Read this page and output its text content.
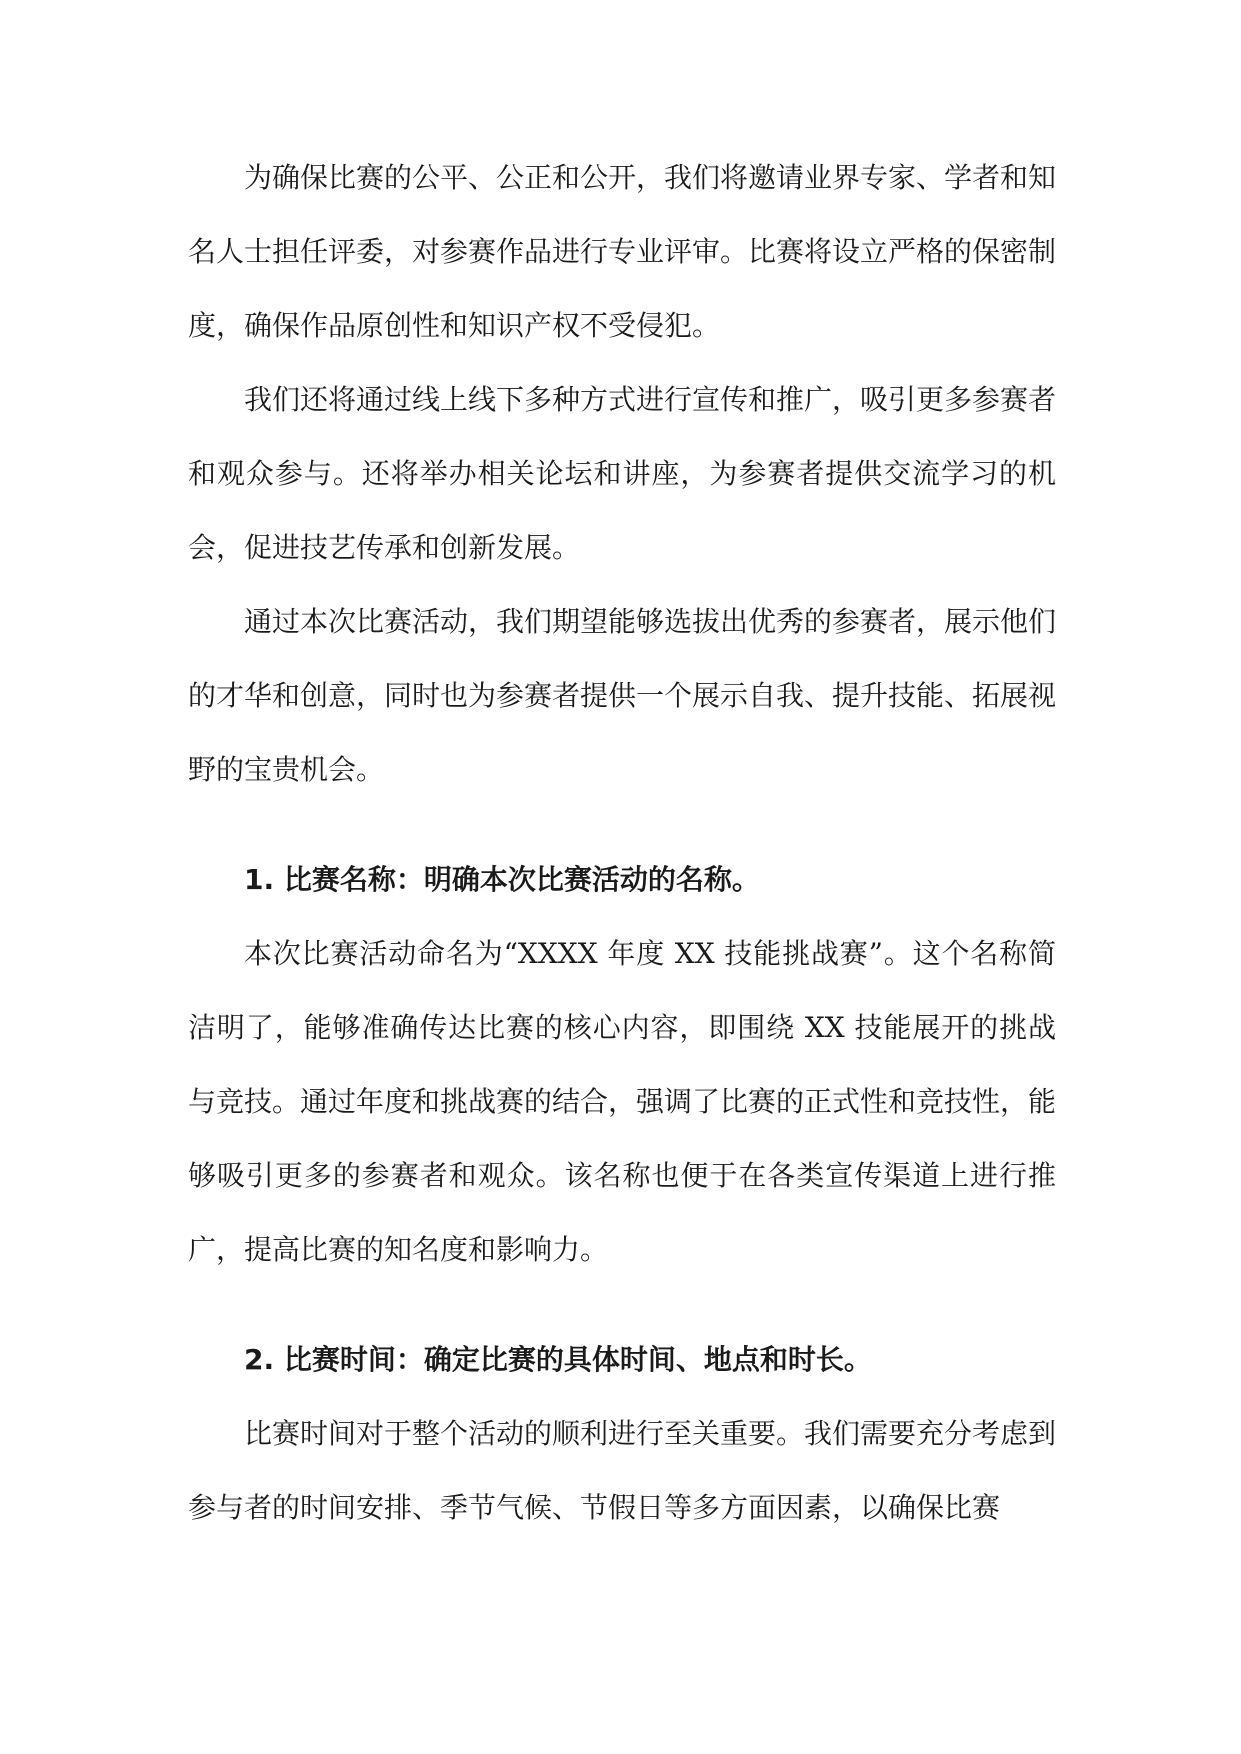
为确保比赛的公平、公正和公开，我们将邀请业界专家、学者和知名人士担任评委，对参赛作品进行专业评审。比赛将设立严格的保密制度，确保作品原创性和知识产权不受侵犯。

我们还将通过线上线下多种方式进行宣传和推广，吸引更多参赛者和观众参与。还将举办相关论坛和讲座，为参赛者提供交流学习的机会，促进技艺传承和创新发展。

通过本次比赛活动，我们期望能够选拔出优秀的参赛者，展示他们的才华和创意，同时也为参赛者提供一个展示自我、提升技能、拓展视野的宝贵机会。

1. 比赛名称：明确本次比赛活动的名称。

本次比赛活动命名为“XXXX 年度 XX 技能挑战赛”。这个名称简洁明了，能够准确传达比赛的核心内容，即围绕 XX 技能展开的挑战与竞技。通过年度和挑战赛的结合，强调了比赛的正式性和竞技性，能够吸引更多的参赛者和观众。该名称也便于在各类宣传渠道上进行推广，提高比赛的知名度和影响力。

2. 比赛时间：确定比赛的具体时间、地点和时长。

比赛时间对于整个活动的顺利进行至关重要。我们需要充分考虑到参与者的时间安排、季节气候、节假日等多方面因素，以确保比赛
